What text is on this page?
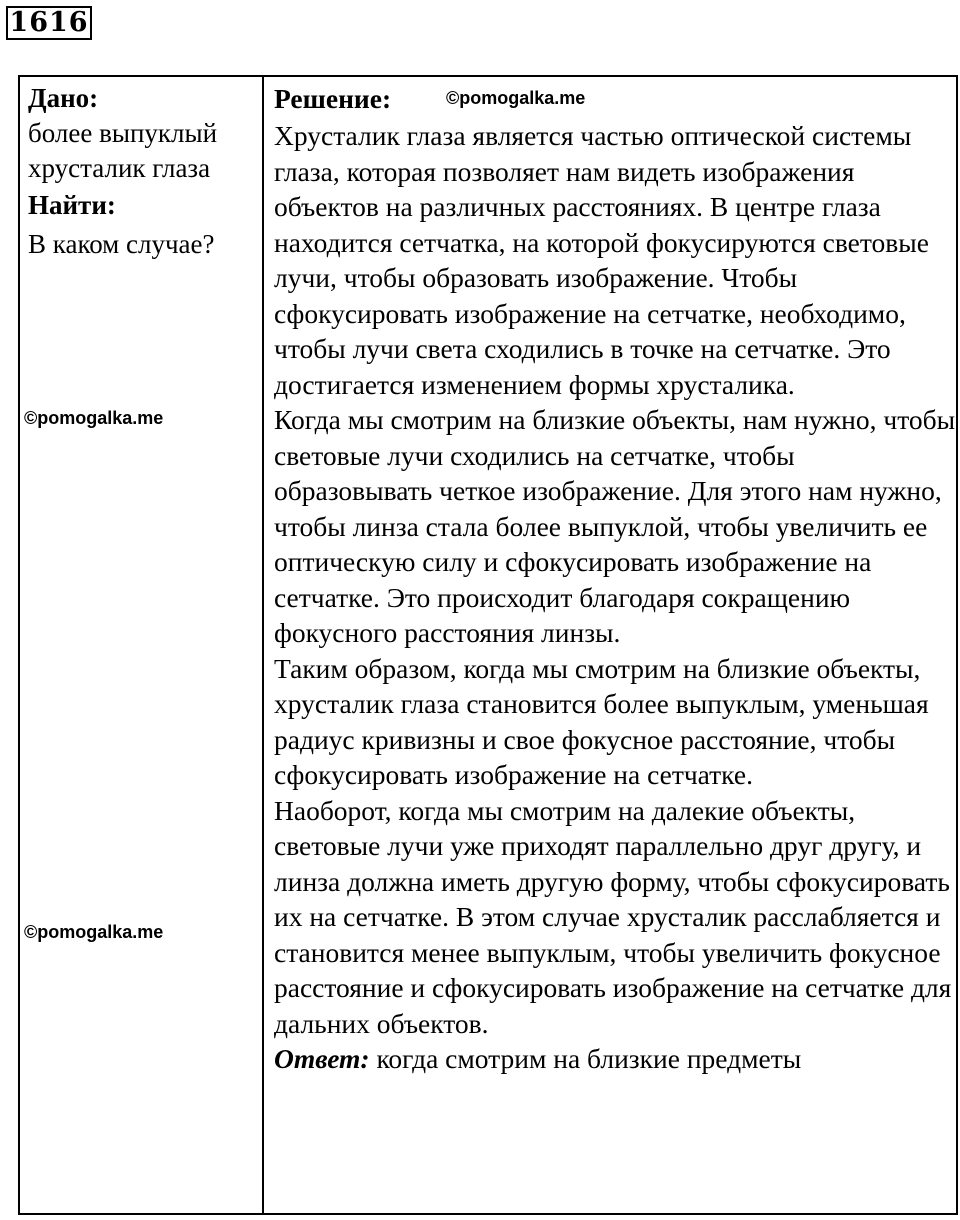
1616
Дано:
более выпуклый хрусталик глаза
Найти:
В каком случае?
Решение:
Хрусталик глаза является частью оптической системы глаза, которая позволяет нам видеть изображения объектов на различных расстояниях. В центре глаза находится сетчатка, на которой фокусируются световые лучи, чтобы образовать изображение. Чтобы сфокусировать изображение на сетчатке, необходимо, чтобы лучи света сходились в точке на сетчатке. Это достигается изменением формы хрусталика.
Когда мы смотрим на близкие объекты, нам нужно, чтобы световые лучи сходились на сетчатке, чтобы образовывать четкое изображение. Для этого нам нужно, чтобы линза стала более выпуклой, чтобы увеличить ее оптическую силу и сфокусировать изображение на сетчатке. Это происходит благодаря сокращению фокусного расстояния линзы.
Таким образом, когда мы смотрим на близкие объекты, хрусталик глаза становится более выпуклым, уменьшая радиус кривизны и свое фокусное расстояние, чтобы сфокусировать изображение на сетчатке.
Наоборот, когда мы смотрим на далекие объекты, световые лучи уже приходят параллельно друг другу, и линза должна иметь другую форму, чтобы сфокусировать их на сетчатке. В этом случае хрусталик расслабляется и становится менее выпуклым, чтобы увеличить фокусное расстояние и сфокусировать изображение на сетчатке для дальних объектов.
Ответ: когда смотрим на близкие предметы
©pomogalka.me
©pomogalka.me
©pomogalka.me
